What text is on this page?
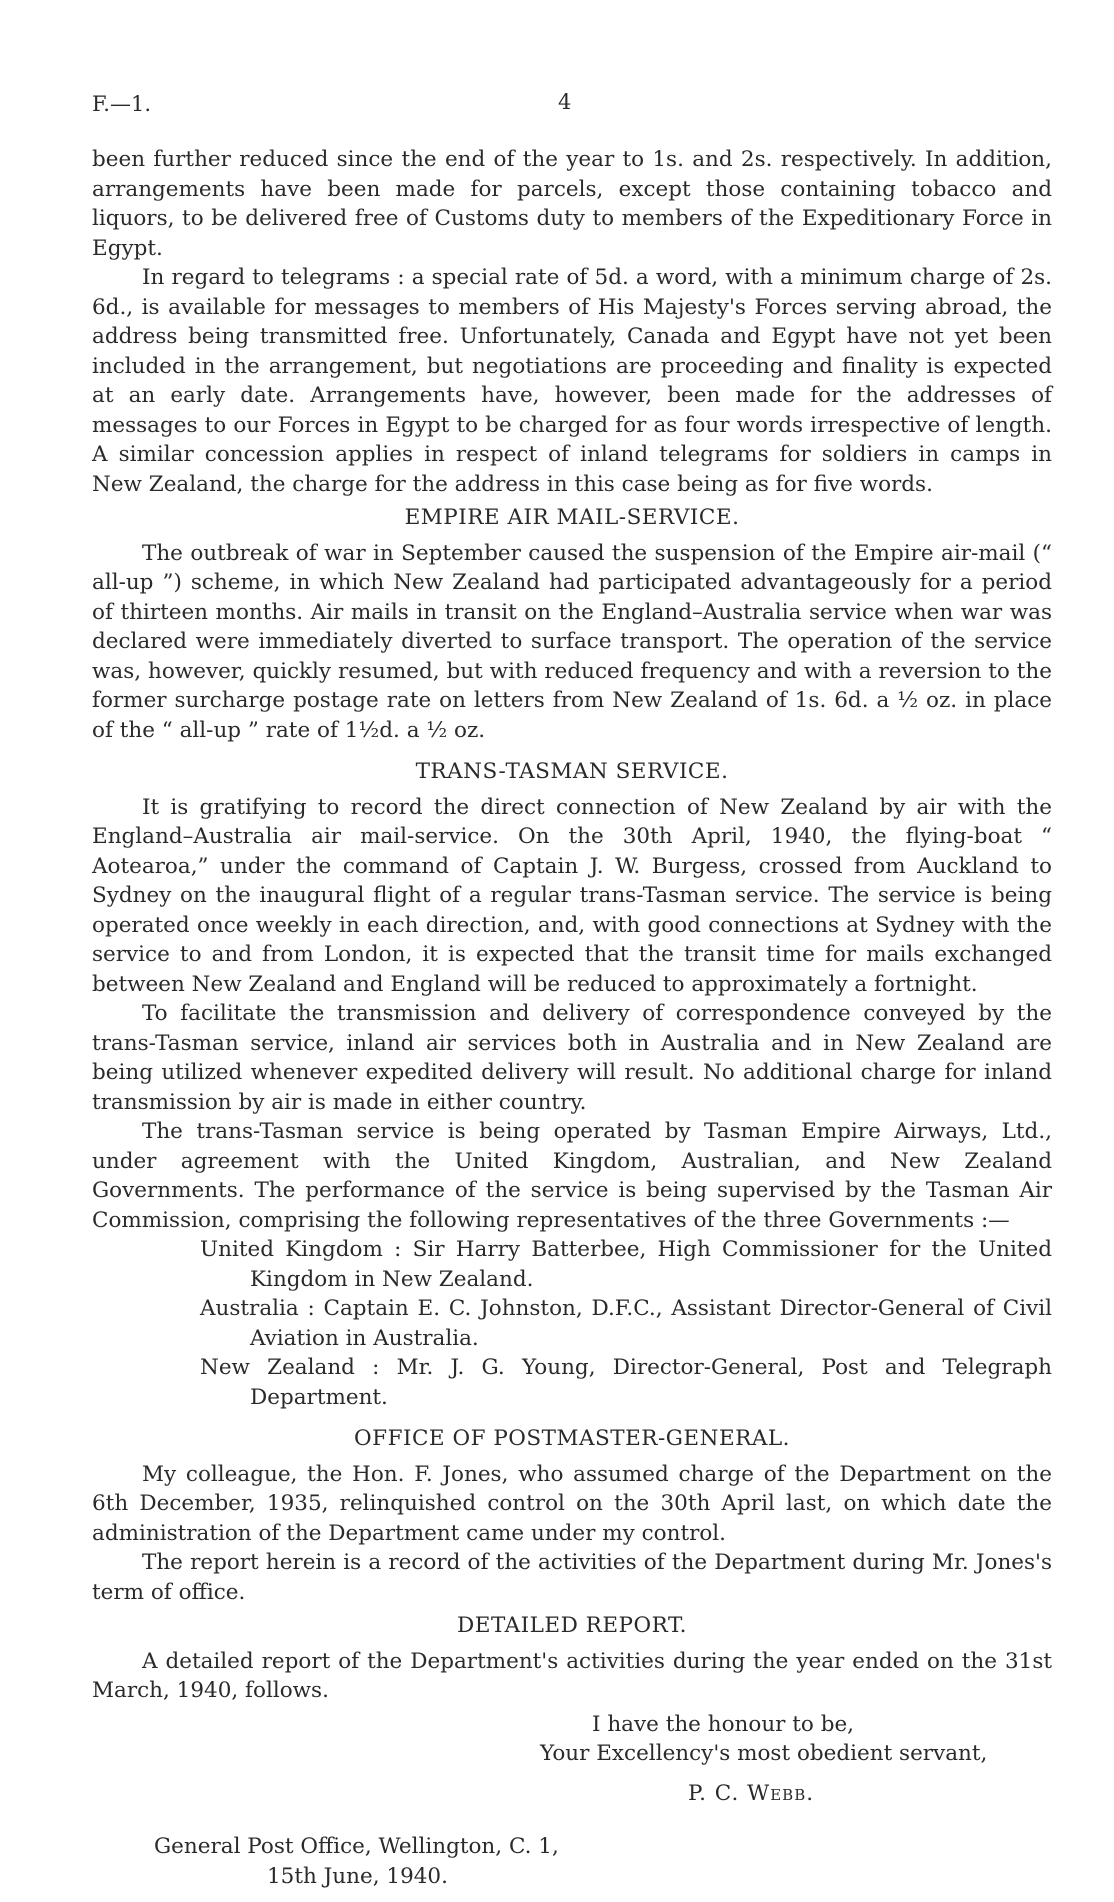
F.—1.	4

been further reduced since the end of the year to 1s. and 2s. respectively. In addition, arrangements have been made for parcels, except those containing tobacco and liquors, to be delivered free of Customs duty to members of the Expeditionary Force in Egypt.

In regard to telegrams : a special rate of 5d. a word, with a minimum charge of 2s. 6d., is available for messages to members of His Majesty's Forces serving abroad, the address being transmitted free. Unfortunately, Canada and Egypt have not yet been included in the arrangement, but negotiations are proceeding and finality is expected at an early date. Arrangements have, however, been made for the addresses of messages to our Forces in Egypt to be charged for as four words irrespective of length. A similar concession applies in respect of inland telegrams for soldiers in camps in New Zealand, the charge for the address in this case being as for five words.

EMPIRE AIR MAIL-SERVICE.

The outbreak of war in September caused the suspension of the Empire air-mail (“ all-up ”) scheme, in which New Zealand had participated advantageously for a period of thirteen months. Air mails in transit on the England–Australia service when war was declared were immediately diverted to surface transport. The operation of the service was, however, quickly resumed, but with reduced frequency and with a reversion to the former surcharge postage rate on letters from New Zealand of 1s. 6d. a ½ oz. in place of the “ all-up ” rate of 1½d. a ½ oz.

TRANS-TASMAN SERVICE.

It is gratifying to record the direct connection of New Zealand by air with the England–Australia air mail-service. On the 30th April, 1940, the flying-boat “ Aotearoa,” under the command of Captain J. W. Burgess, crossed from Auckland to Sydney on the inaugural flight of a regular trans-Tasman service. The service is being operated once weekly in each direction, and, with good connections at Sydney with the service to and from London, it is expected that the transit time for mails exchanged between New Zealand and England will be reduced to approximately a fortnight.

To facilitate the transmission and delivery of correspondence conveyed by the trans-Tasman service, inland air services both in Australia and in New Zealand are being utilized whenever expedited delivery will result. No additional charge for inland transmission by air is made in either country.

The trans-Tasman service is being operated by Tasman Empire Airways, Ltd., under agreement with the United Kingdom, Australian, and New Zealand Governments. The performance of the service is being supervised by the Tasman Air Commission, comprising the following representatives of the three Governments :—

United Kingdom : Sir Harry Batterbee, High Commissioner for the United Kingdom in New Zealand.

Australia : Captain E. C. Johnston, D.F.C., Assistant Director-General of Civil Aviation in Australia.

New Zealand : Mr. J. G. Young, Director-General, Post and Telegraph Department.

OFFICE OF POSTMASTER-GENERAL.

My colleague, the Hon. F. Jones, who assumed charge of the Department on the 6th December, 1935, relinquished control on the 30th April last, on which date the administration of the Department came under my control.

The report herein is a record of the activities of the Department during Mr. Jones's term of office.

DETAILED REPORT.

A detailed report of the Department's activities during the year ended on the 31st March, 1940, follows.

I have the honour to be,
Your Excellency's most obedient servant,
P. C. Webb.
General Post Office, Wellington, C. 1,
15th June, 1940.
